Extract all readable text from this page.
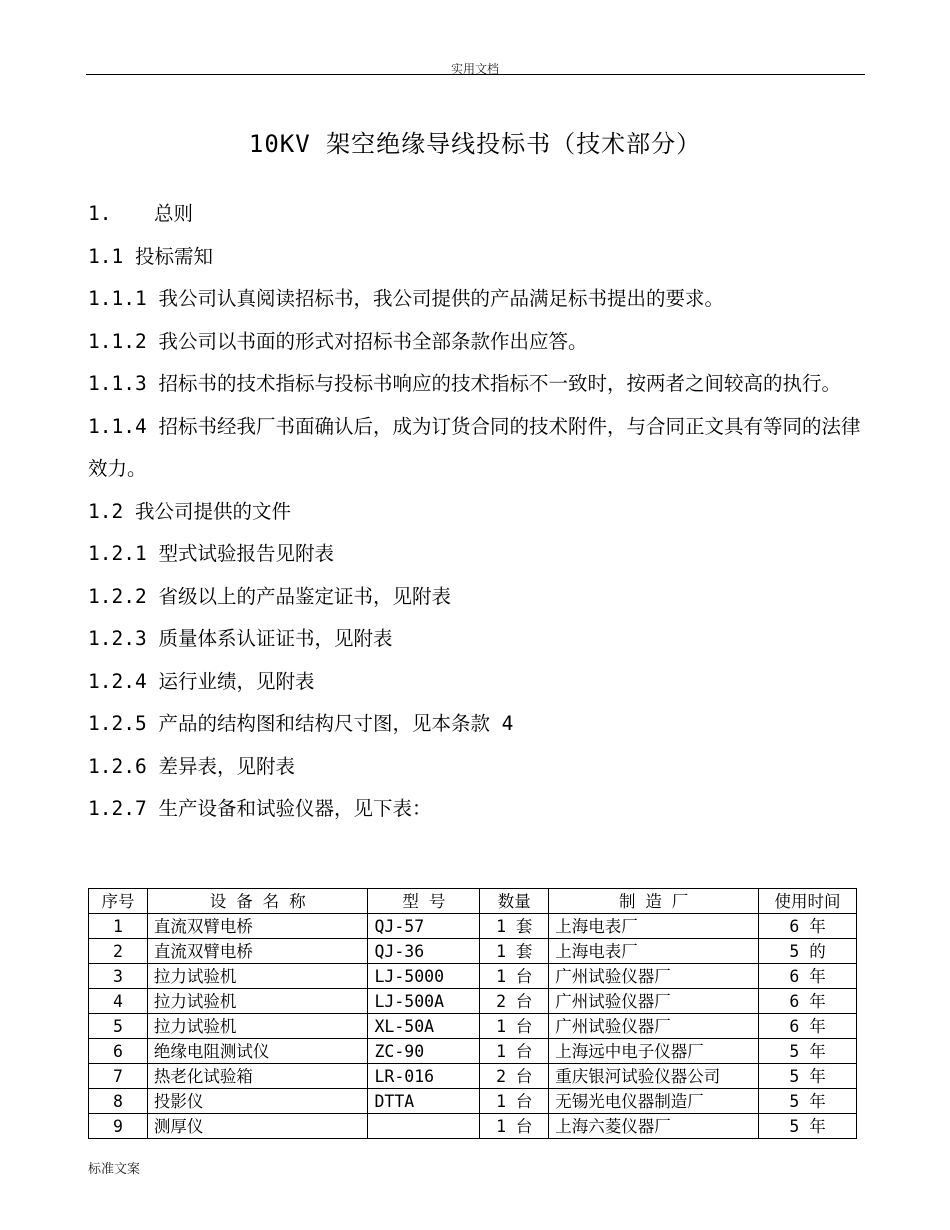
实用文档
10KV 架空绝缘导线投标书（技术部分）

1. 总则

1.1 投标需知

1.1.1 我公司认真阅读招标书，我公司提供的产品满足标书提出的要求。

1.1.2 我公司以书面的形式对招标书全部条款作出应答。

1.1.3 招标书的技术指标与投标书响应的技术指标不一致时，按两者之间较高的执行。

1.1.4 招标书经我厂书面确认后，成为订货合同的技术附件，与合同正文具有等同的法律效力。

1.2 我公司提供的文件

1.2.1 型式试验报告见附表

1.2.2 省级以上的产品鉴定证书，见附表

1.2.3 质量体系认证证书，见附表

1.2.4 运行业绩，见附表

1.2.5 产品的结构图和结构尺寸图，见本条款 4

1.2.6 差异表，见附表

1.2.7 生产设备和试验仪器，见下表：

序号	设 备 名 称	型 号	数量	制 造 厂	使用时间
1	直流双臂电桥	QJ-57	1 套	上海电表厂	6 年
2	直流双臂电桥	QJ-36	1 套	上海电表厂	5 的
3	拉力试验机	LJ-5000	1 台	广州试验仪器厂	6 年
4	拉力试验机	LJ-500A	2 台	广州试验仪器厂	6 年
5	拉力试验机	XL-50A	1 台	广州试验仪器厂	6 年
6	绝缘电阻测试仪	ZC-90	1 台	上海远中电子仪器厂	5 年
7	热老化试验箱	LR-016	2 台	重庆银河试验仪器公司	5 年
8	投影仪	DTTA	1 台	无锡光电仪器制造厂	5 年
9	测厚仪		1 台	上海六菱仪器厂	5 年
标准文案
